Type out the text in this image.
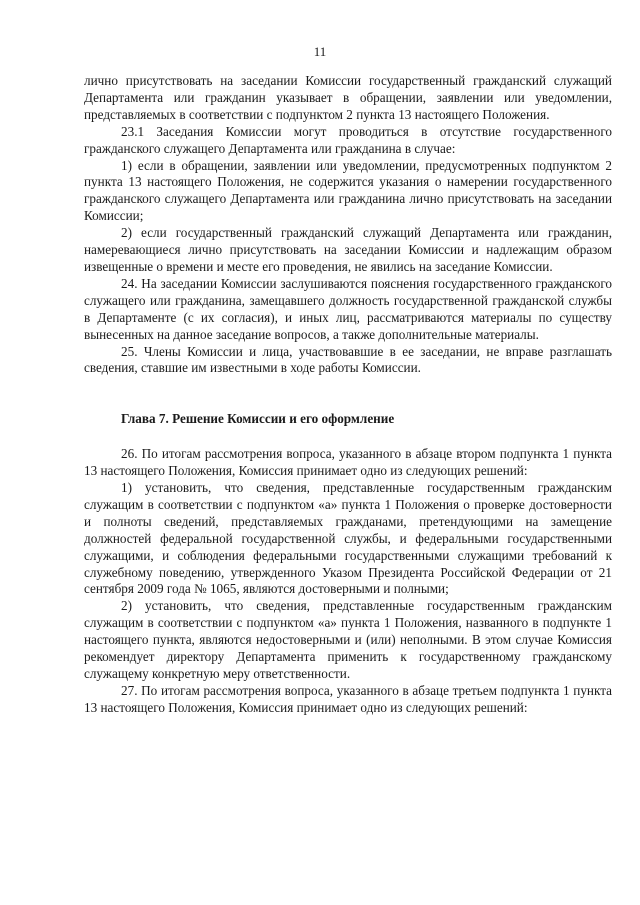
11

лично присутствовать на заседании Комиссии государственный гражданский служащий Департамента или гражданин указывает в обращении, заявлении или уведомлении, представляемых в соответствии с подпунктом 2 пункта 13 настоящего Положения.

23.1 Заседания Комиссии могут проводиться в отсутствие государственного гражданского служащего Департамента или гражданина в случае:

1) если в обращении, заявлении или уведомлении, предусмотренных подпунктом 2 пункта 13 настоящего Положения, не содержится указания о намерении государственного гражданского служащего Департамента или гражданина лично присутствовать на заседании Комиссии;

2) если государственный гражданский служащий Департамента или гражданин, намеревающиеся лично присутствовать на заседании Комиссии и надлежащим образом извещенные о времени и месте его проведения, не явились на заседание Комиссии.

24. На заседании Комиссии заслушиваются пояснения государственного гражданского служащего или гражданина, замещавшего должность государственной гражданской службы в Департаменте (с их согласия), и иных лиц, рассматриваются материалы по существу вынесенных на данное заседание вопросов, а также дополнительные материалы.

25. Члены Комиссии и лица, участвовавшие в ее заседании, не вправе разглашать сведения, ставшие им известными в ходе работы Комиссии.

Глава 7. Решение Комиссии и его оформление

26. По итогам рассмотрения вопроса, указанного в абзаце втором подпункта 1 пункта 13 настоящего Положения, Комиссия принимает одно из следующих решений:

1) установить, что сведения, представленные государственным гражданским служащим в соответствии с подпунктом «а» пункта 1 Положения о проверке достоверности и полноты сведений, представляемых гражданами, претендующими на замещение должностей федеральной государственной службы, и федеральными государственными служащими, и соблюдения федеральными государственными служащими требований к служебному поведению, утвержденного Указом Президента Российской Федерации от 21 сентября 2009 года № 1065, являются достоверными и полными;

2) установить, что сведения, представленные государственным гражданским служащим в соответствии с подпунктом «а» пункта 1 Положения, названного в подпункте 1 настоящего пункта, являются недостоверными и (или) неполными. В этом случае Комиссия рекомендует директору Департамента применить к государственному гражданскому служащему конкретную меру ответственности.

27. По итогам рассмотрения вопроса, указанного в абзаце третьем подпункта 1 пункта 13 настоящего Положения, Комиссия принимает одно из следующих решений:
